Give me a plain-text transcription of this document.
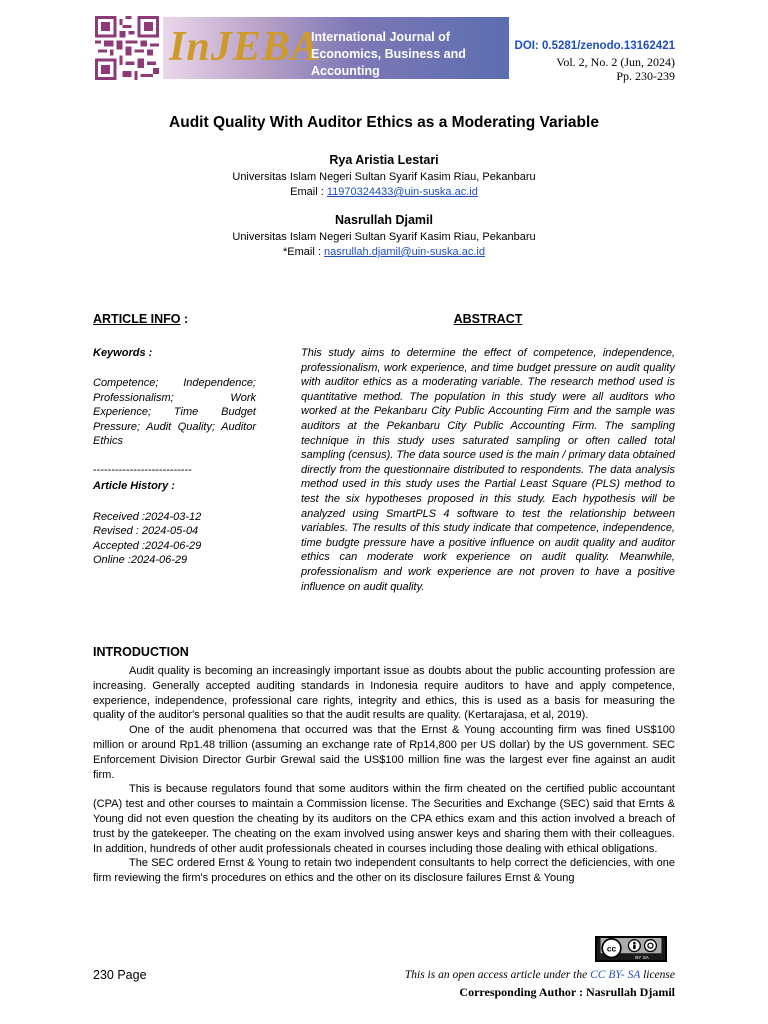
InJEBA
International Journal of Economics, Business and Accounting
DOI: 0.5281/zenodo.13162421
Vol. 2, No. 2 (Jun, 2024)
Pp. 230-239
Audit Quality With Auditor Ethics as a Moderating Variable
Rya Aristia Lestari
Universitas Islam Negeri Sultan Syarif Kasim Riau, Pekanbaru
Email : 11970324433@uin-suska.ac.id
Nasrullah Djamil
Universitas Islam Negeri Sultan Syarif Kasim Riau, Pekanbaru
*Email : nasrullah.djamil@uin-suska.ac.id
ARTICLE INFO :
Keywords :
Competence; Independence; Professionalism; Work Experience; Time Budget Pressure; Audit Quality; Auditor Ethics
---------------------------
Article History :
Received :2024-03-12
Revised : 2024-05-04
Accepted :2024-06-29
Online :2024-06-29
ABSTRACT
This study aims to determine the effect of competence, independence, professionalism, work experience, and time budget pressure on audit quality with auditor ethics as a moderating variable. The research method used is quantitative method. The population in this study were all auditors who worked at the Pekanbaru City Public Accounting Firm and the sample was auditors at the Pekanbaru City Public Accounting Firm. The sampling technique in this study uses saturated sampling or often called total sampling (census). The data source used is the main / primary data obtained directly from the questionnaire distributed to respondents. The data analysis method used in this study uses the Partial Least Square (PLS) method to test the six hypotheses proposed in this study. Each hypothesis will be analyzed using SmartPLS 4 software to test the relationship between variables. The results of this study indicate that competence, independence, time budgte pressure have a positive influence on audit quality and auditor ethics can moderate work experience on audit quality. Meanwhile, professionalism and work experience are not proven to have a positive influence on audit quality.
INTRODUCTION

Audit quality is becoming an increasingly important issue as doubts about the public accounting profession are increasing. Generally accepted auditing standards in Indonesia require auditors to have and apply competence, experience, independence, professional care rights, integrity and ethics, this is used as a basis for measuring the quality of the auditor's personal qualities so that the audit results are quality. (Kertarajasa, et al, 2019).

One of the audit phenomena that occurred was that the Ernst & Young accounting firm was fined US$100 million or around Rp1.48 trillion (assuming an exchange rate of Rp14,800 per US dollar) by the US government. SEC Enforcement Division Director Gurbir Grewal said the US$100 million fine was the largest ever fine against an audit firm.

This is because regulators found that some auditors within the firm cheated on the certified public accountant (CPA) test and other courses to maintain a Commission license. The Securities and Exchange (SEC) said that Ernts & Young did not even question the cheating by its auditors on the CPA ethics exam and this action involved a breach of trust by the gatekeeper. The cheating on the exam involved using answer keys and sharing them with their colleagues. In addition, hundreds of other audit professionals cheated in courses including those dealing with ethical obligations.

The SEC ordered Ernst & Young to retain two independent consultants to help correct the deficiencies, with one firm reviewing the firm's procedures on ethics and the other on its disclosure failures Ernst & Young

cc
BY SA
230 Page	This is an open access article under the CC BY- SA license
Corresponding Author : Nasrullah Djamil
